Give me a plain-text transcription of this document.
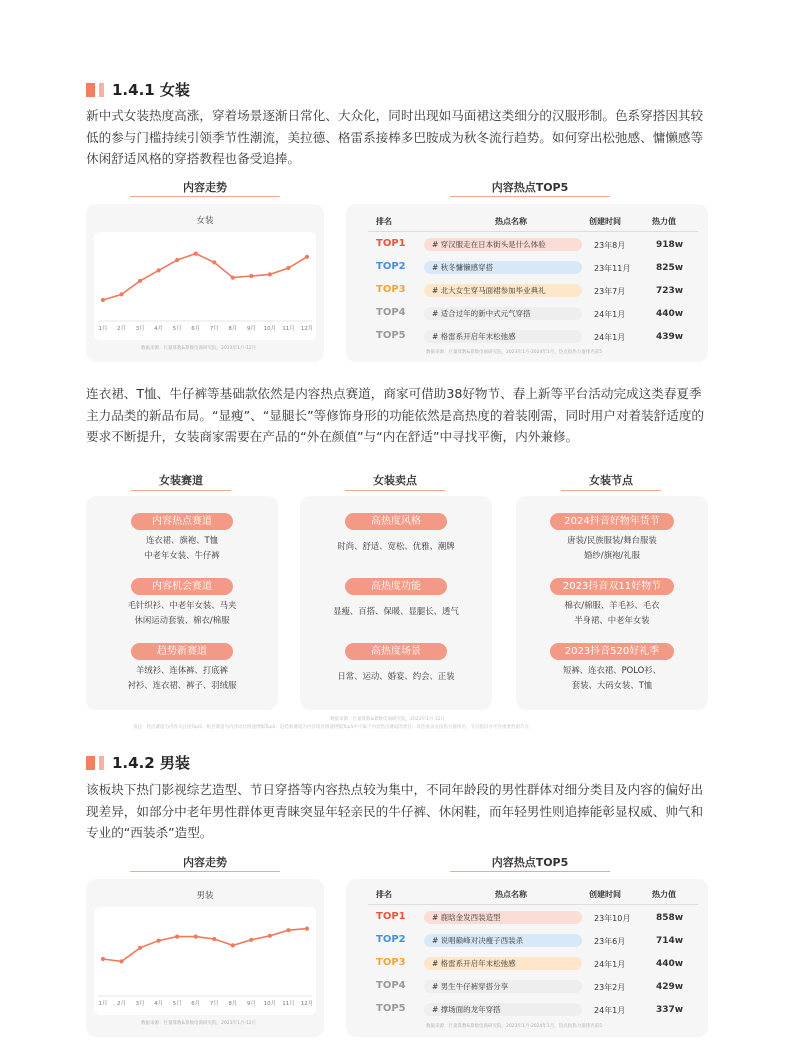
1.4.1 女装
新中式女装热度高涨，穿着场景逐渐日常化、大众化，同时出现如马面裙这类细分的汉服形制。色系穿搭因其较低的参与门槛持续引领季节性潮流，美拉德、格雷系接棒多巴胺成为秋冬流行趋势。如何穿出松弛感、慵懒感等休闲舒适风格的穿搭教程也备受追捧。
内容走势	内容热点TOP5
女装
1月 2月 3月 4月 5月 6月 7月 8月 9月 10月 11月 12月
数据来源：巨量算数&算数电商研究院，2023年1月-12月
排名	热点名称	创建时间	热力值
数据来源：巨量算数&算数电商研究院，2023年1月-2024年1月，热点指热力值排名前5
TOP1	# 穿汉服走在日本街头是什么体验	23年8月	918w
TOP2	# 秋冬慵懒感穿搭	23年11月	825w
TOP3	# 北大女生穿马面裙参加毕业典礼	23年7月	723w
TOP4	# 适合过年的新中式元气穿搭	24年1月	440w
TOP5	# 格雷系开启年末松弛感	24年1月	439w
连衣裙、T恤、牛仔裤等基础款依然是内容热点赛道，商家可借助38好物节、春上新等平台活动完成这类春夏季主力品类的新品布局。“显瘦”、“显腿长”等修饰身形的功能依然是高热度的着装刚需，同时用户对着装舒适度的要求不断提升，女装商家需要在产品的“外在颜值”与“内在舒适”中寻找平衡，内外兼修。
女装赛道
内容热点赛道
连衣裙、旗袍、T恤
中老年女装、牛仔裤
内容机会赛道
毛针织衫、中老年女装、马夹
休闲运动套装、棉衣/棉服
趋势新赛道
羊绒衫、连体裤、打底裤
衬衫、连衣裙、裤子、羽绒服
女装卖点
高热度风格
时尚、舒适、宽松、优雅、潮牌
高热度功能
显瘦、百搭、保暖、显腿长、透气
高热度场景
日常、运动、婚宴、约会、正装
女装节点
2024抖音好物年货节
唐装/民族服装/舞台服装
婚纱/旗袍/礼服
2023抖音双11好物节
棉衣/棉服、羊毛衫、毛衣
半身裙、中老年女装
2023抖音520好礼季
短裤、连衣裙、POLO衫、
套装、大码女装、T恤
数据来源：巨量算数&算数电商研究院，2023年1月-12月
备注：热点赛道为内容关注度Top5；机会赛道为内容同比增速增幅Top5；趋势新赛道为内容同比增速增幅Top5中不属于内容热点赛道的类目；高热度卖点按热力值排名；节点指抖音平台重要营销节点
1.4.2 男装
该板块下热门影视综艺造型、节日穿搭等内容热点较为集中，不同年龄段的男性群体对细分类目及内容的偏好出现差异，如部分中老年男性群体更青睐突显年轻亲民的牛仔裤、休闲鞋，而年轻男性则追捧能彰显权威、帅气和专业的“西装杀”造型。
内容走势	内容热点TOP5
男装
1月 2月 3月 4月 5月 6月 7月 8月 9月 10月 11月 12月
数据来源：巨量算数&算数电商研究院，2023年1月-12月
排名	热点名称	创建时间	热力值
数据来源：巨量算数&算数电商研究院，2023年1月-2024年1月，热点指热力值排名前5
TOP1	# 鹿晗金发西装造型	23年10月	858w
TOP2	# 说唱巅峰对决瘦子西装杀	23年6月	714w
TOP3	# 格雷系开启年末松弛感	24年1月	440w
TOP4	# 男生牛仔裤穿搭分享	23年2月	429w
TOP5	# 撑场面的龙年穿搭	24年1月	337w
